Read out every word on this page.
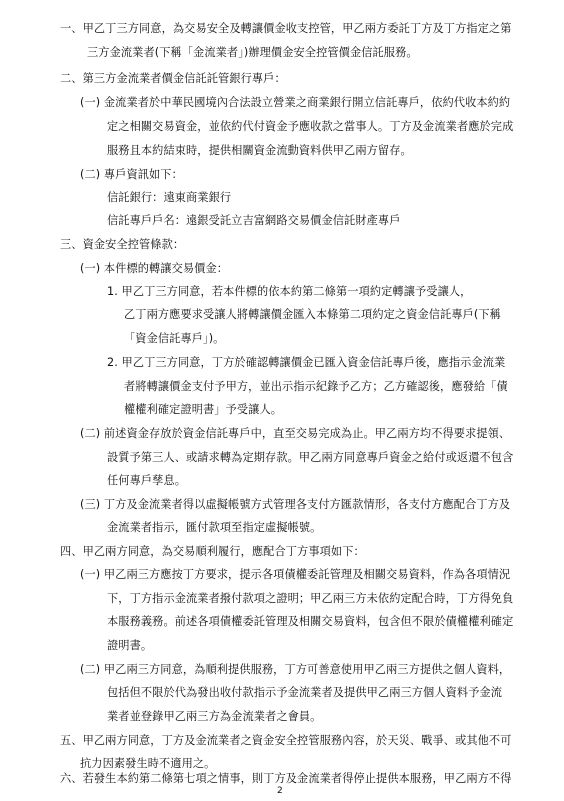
一、甲乙丁三方同意，為交易安全及轉讓價金收支控管，甲乙兩方委託丁方及丁方指定之第
三方金流業者(下稱「金流業者」)辦理價金安全控管價金信託服務。
二、第三方金流業者價金信託託管銀行專戶：
(一) 金流業者於中華民國境內合法設立營業之商業銀行開立信託專戶，依約代收本約約
定之相關交易資金，並依約代付資金予應收款之當事人。丁方及金流業者應於完成
服務且本約結束時，提供相關資金流動資料供甲乙兩方留存。
(二) 專戶資訊如下：
信託銀行：遠東商業銀行
信託專戶戶名：遠銀受託立吉富網路交易價金信託財產專戶
三、資金安全控管條款：
(一) 本件標的轉讓交易價金：
1. 甲乙丁三方同意，若本件標的依本約第二條第一項約定轉讓予受讓人，
乙丁兩方應要求受讓人將轉讓價金匯入本條第二項約定之資金信託專戶(下稱
「資金信託專戶」)。
2. 甲乙丁三方同意，丁方於確認轉讓價金已匯入資金信託專戶後，應指示金流業
者將轉讓價金支付予甲方，並出示指示紀錄予乙方；乙方確認後，應發給「債
權權利確定證明書」予受讓人。
(二) 前述資金存放於資金信託專戶中，直至交易完成為止。甲乙兩方均不得要求提領、
設質予第三人、或請求轉為定期存款。甲乙兩方同意專戶資金之給付或返還不包含
任何專戶孳息。
(三) 丁方及金流業者得以虛擬帳號方式管理各支付方匯款情形，各支付方應配合丁方及
金流業者指示，匯付款項至指定虛擬帳號。
四、甲乙兩方同意，為交易順利履行，應配合丁方事項如下：
(一) 甲乙兩三方應按丁方要求，提示各項債權委託管理及相關交易資料，作為各項情況
下，丁方指示金流業者撥付款項之證明；甲乙兩三方未依約定配合時，丁方得免負
本服務義務。前述各項債權委託管理及相關交易資料，包含但不限於債權權利確定
證明書。
(二) 甲乙兩三方同意，為順利提供服務，丁方可善意使用甲乙兩三方提供之個人資料，
包括但不限於代為發出收付款指示予金流業者及提供甲乙兩三方個人資料予金流
業者並登錄甲乙兩三方為金流業者之會員。
五、甲乙兩方同意，丁方及金流業者之資金安全控管服務內容，於天災、戰爭、或其他不可
抗力因素發生時不適用之。
六、若發生本約第二條第七項之情事，則丁方及金流業者得停止提供本服務，甲乙兩方不得
2
